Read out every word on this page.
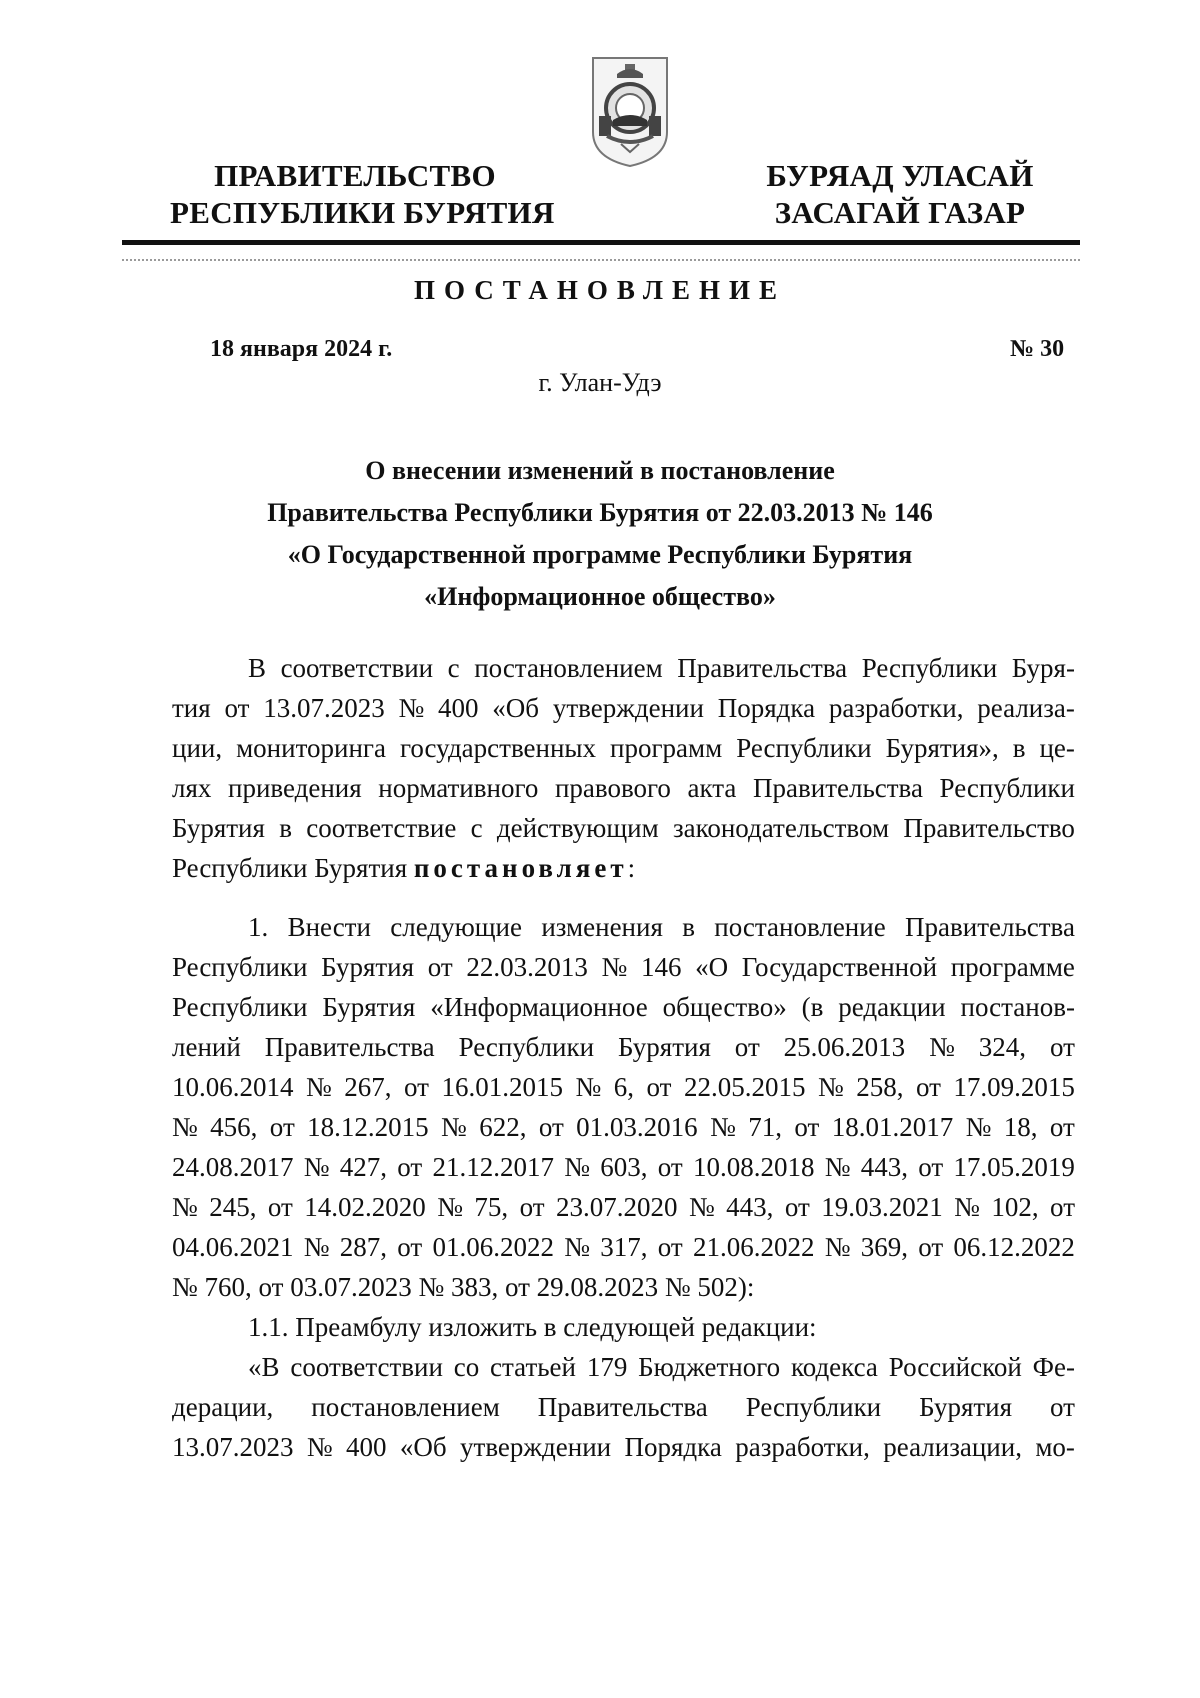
ПРАВИТЕЛЬСТВО
РЕСПУБЛИКИ БУРЯТИЯ
БУРЯАД УЛАСАЙ
ЗАСАГАЙ ГАЗАР
ПОСТАНОВЛЕНИЕ
18 января 2024 г.	№ 30
г. Улан-Удэ
О внесении изменений в постановление
Правительства Республики Бурятия от 22.03.2013 № 146
«О Государственной программе Республики Бурятия
«Информационное общество»
В соответствии с постановлением Правительства Республики Буря-
тия от 13.07.2023 № 400 «Об утверждении Порядка разработки, реализа-
ции, мониторинга государственных программ Республики Бурятия», в це-
лях приведения нормативного правового акта Правительства Республики
Бурятия в соответствие с действующим законодательством Правительство
Республики Бурятия постановляет :
1. Внести следующие изменения в постановление Правительства
Республики Бурятия от 22.03.2013 № 146 «О Государственной программе
Республики Бурятия «Информационное общество» (в редакции постанов-
лений Правительства Республики Бурятия от 25.06.2013 № 324, от
10.06.2014 № 267, от 16.01.2015 № 6, от 22.05.2015 № 258, от 17.09.2015
№ 456, от 18.12.2015 № 622, от 01.03.2016 № 71, от 18.01.2017 № 18, от
24.08.2017 № 427, от 21.12.2017 № 603, от 10.08.2018 № 443, от 17.05.2019
№ 245, от 14.02.2020 № 75, от 23.07.2020 № 443, от 19.03.2021 № 102, от
04.06.2021 № 287, от 01.06.2022 № 317, от 21.06.2022 № 369, от 06.12.2022
№ 760, от 03.07.2023 № 383, от 29.08.2023 № 502):
1.1. Преамбулу изложить в следующей редакции:
«В соответствии со статьей 179 Бюджетного кодекса Российской Фе-
дерации, постановлением Правительства Республики Бурятия от
13.07.2023 № 400 «Об утверждении Порядка разработки, реализации, мо-
